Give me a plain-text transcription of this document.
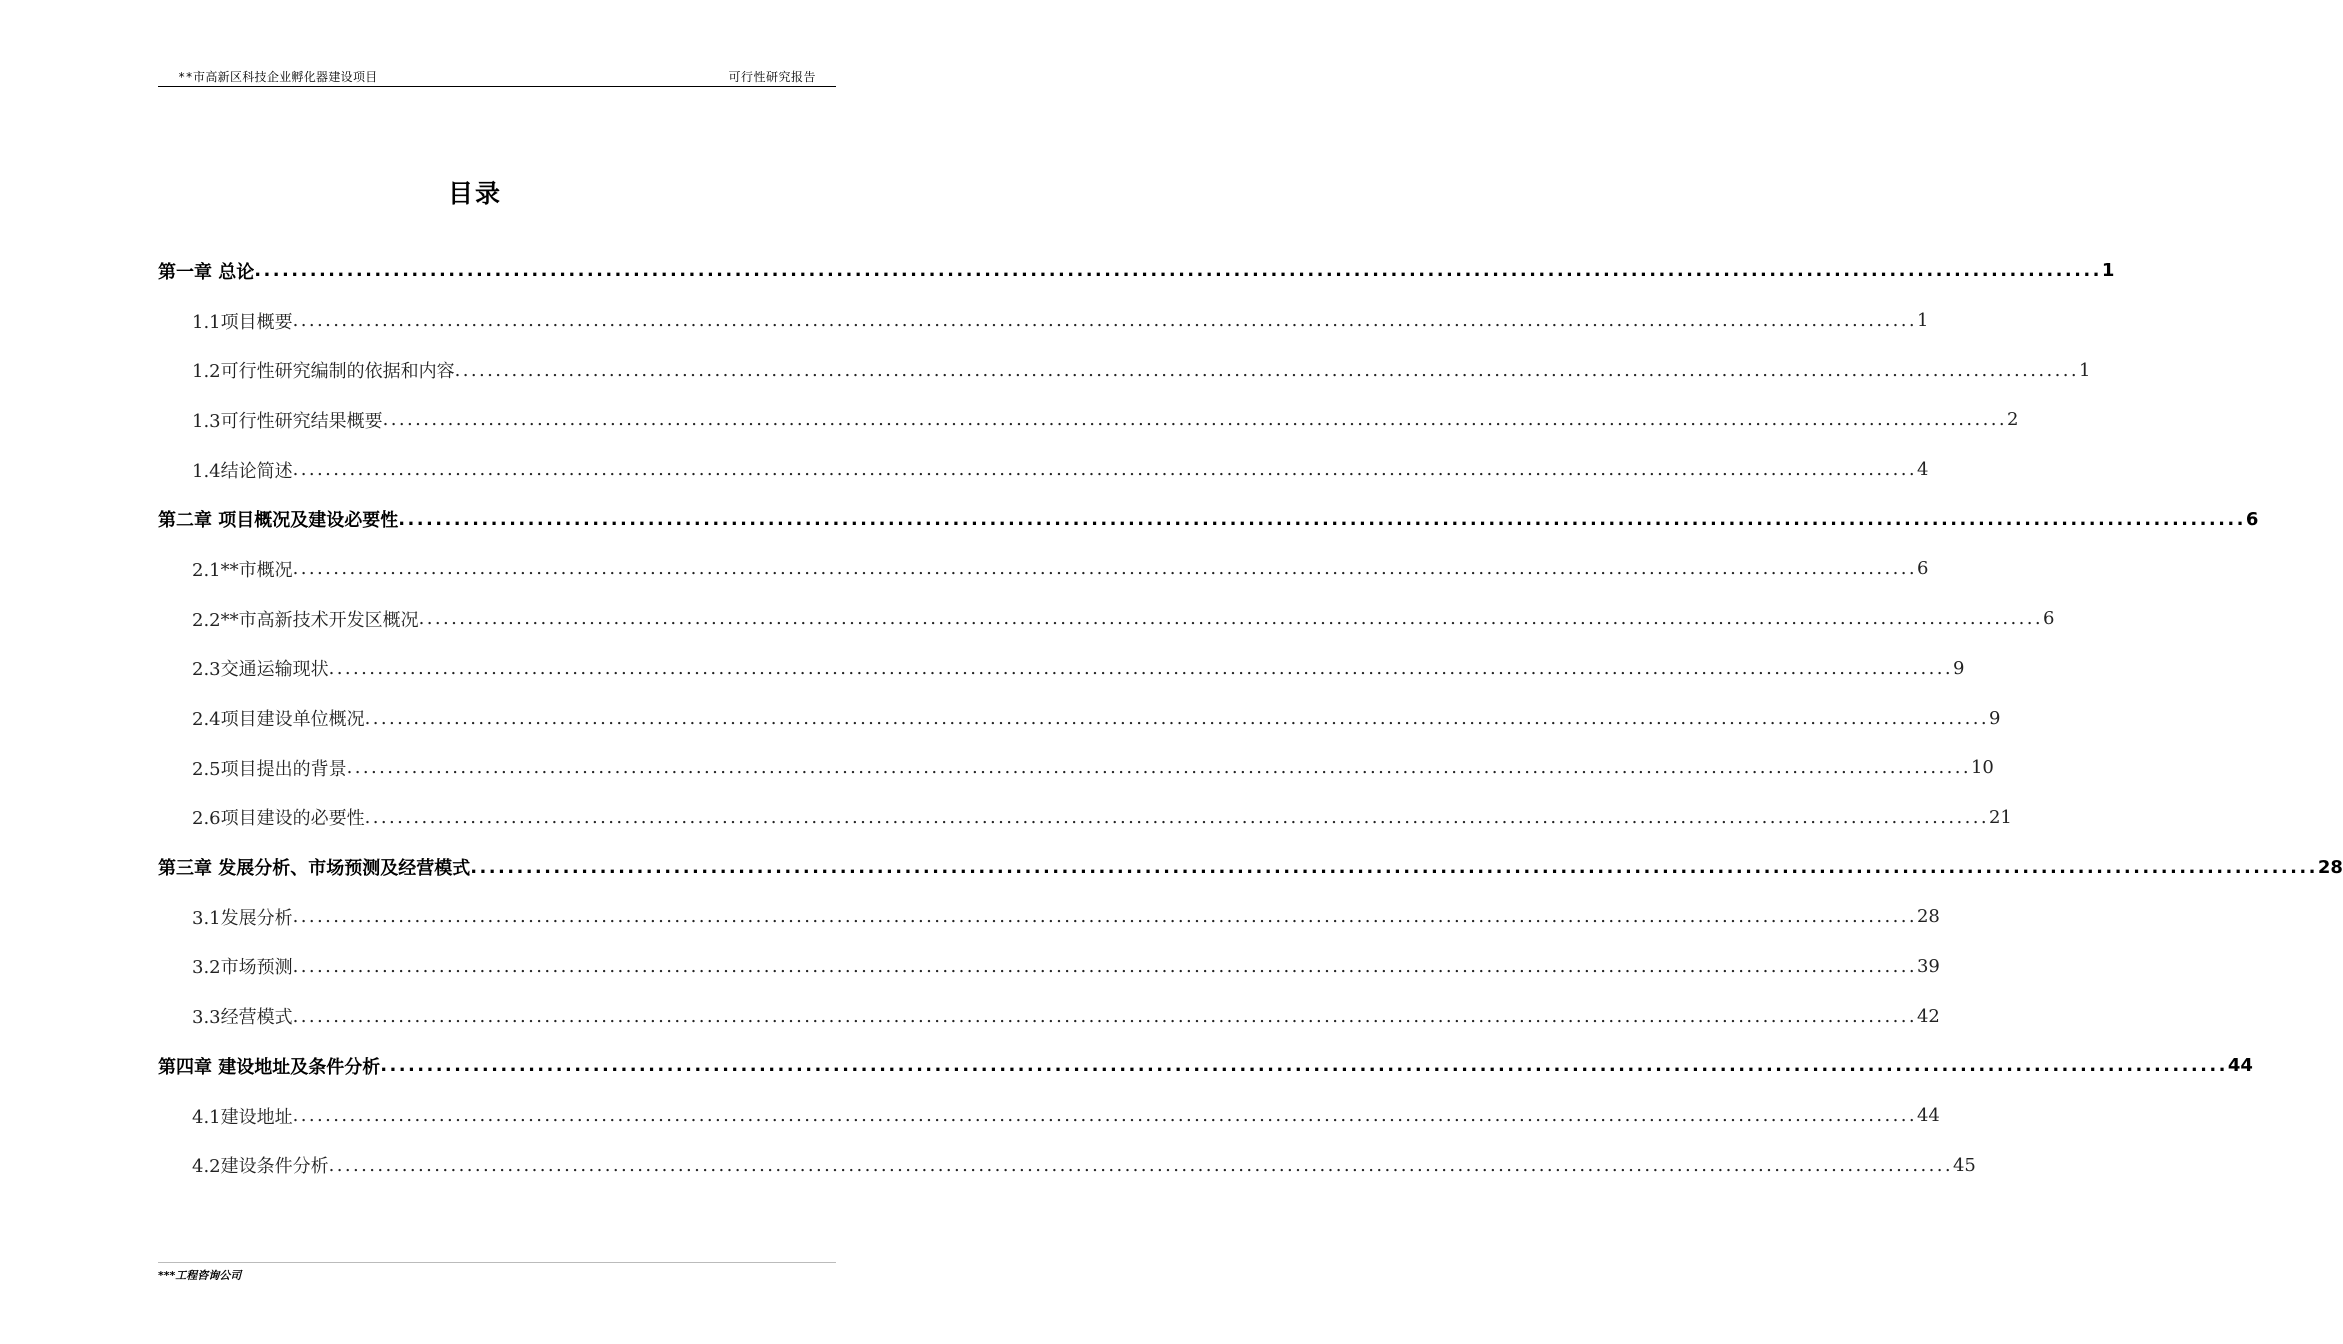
**市高新区科技企业孵化器建设项目	可行性研究报告
目录
第一章 总论 ........................................................................................................................................................................................................ 1
1.1项目概要 ........................................................................................................................................................................................................ 1
1.2可行性研究编制的依据和内容 ........................................................................................................................................................................................................ 1
1.3可行性研究结果概要 ........................................................................................................................................................................................................ 2
1.4结论简述 ........................................................................................................................................................................................................ 4
第二章 项目概况及建设必要性 ........................................................................................................................................................................................................ 6
2.1**市概况 ........................................................................................................................................................................................................ 6
2.2**市高新技术开发区概况 ........................................................................................................................................................................................................ 6
2.3交通运输现状 ........................................................................................................................................................................................................ 9
2.4项目建设单位概况 ........................................................................................................................................................................................................ 9
2.5项目提出的背景 ........................................................................................................................................................................................................ 10
2.6项目建设的必要性 ........................................................................................................................................................................................................ 21
第三章 发展分析、市场预测及经营模式 ........................................................................................................................................................................................................ 28
3.1发展分析 ........................................................................................................................................................................................................ 28
3.2市场预测 ........................................................................................................................................................................................................ 39
3.3经营模式 ........................................................................................................................................................................................................ 42
第四章 建设地址及条件分析 ........................................................................................................................................................................................................ 44
4.1建设地址 ........................................................................................................................................................................................................ 44
4.2建设条件分析 ........................................................................................................................................................................................................ 45
***工程咨询公司
